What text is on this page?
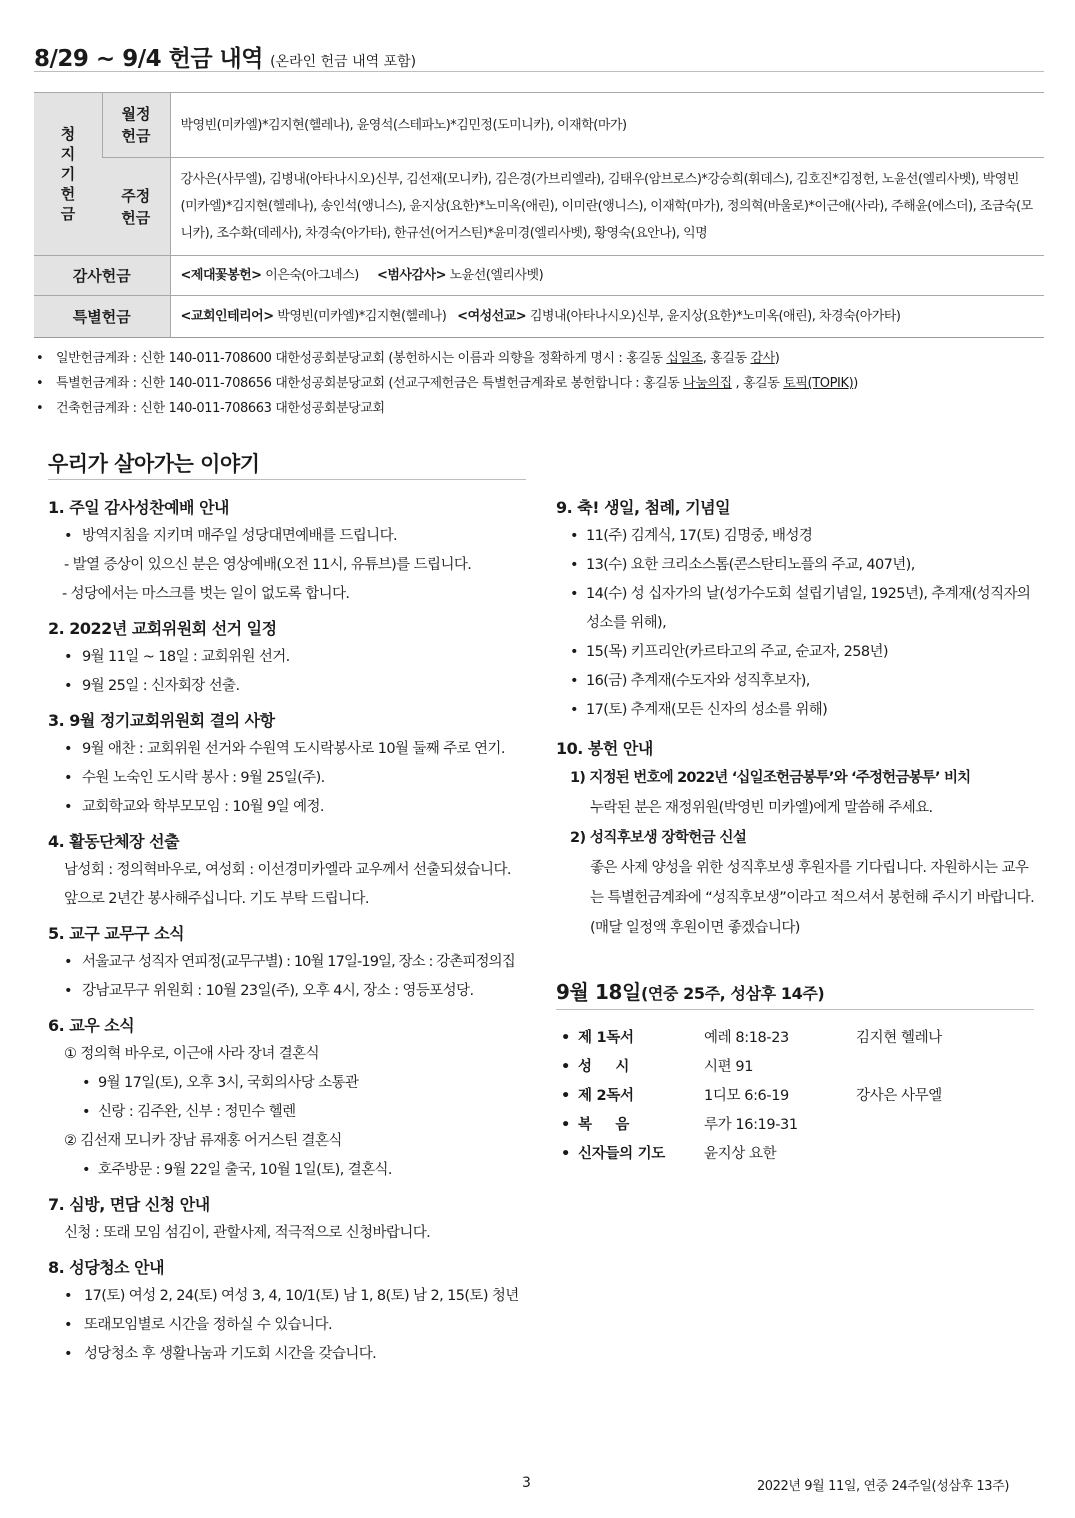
8/29 ~ 9/4 헌금 내역 (온라인 헌금 내역 포함)
청지기헌금	월정헌금	박영빈(미카엘)*김지현(헬레나), 윤영석(스테파노)*김민정(도미니카), 이재학(마가)

	주정헌금	강사은(사무엘), 김병내(아타나시오)신부, 김선재(모니카), 김은경(가브리엘라), 김태우(암브로스)*강승희(휘데스), 김호진*김정헌, 노윤선(엘리사벳), 박영빈(미카엘)*김지현(헬레나), 송인석(앵니스), 윤지상(요한)*노미옥(애린), 이미란(앵니스), 이재학(마가), 정의혁(바울로)*이근애(사라), 주해윤(에스더), 조금숙(모니카), 조수화(데레사), 차경숙(아가타), 한규선(어거스틴)*윤미경(엘리사벳), 황영숙(요안나), 익명
감사헌금		<제대꽃봉헌> 이은숙(아그네스) <범사감사> 노윤선(엘리사벳)
특별헌금		<교회인테리어> 박영빈(미카엘)*김지현(헬레나) <여성선교> 김병내(아타나시오)신부, 윤지상(요한)*노미옥(애린), 차경숙(아가타)
• 일반헌금계좌 : 신한 140-011-708600 대한성공회분당교회 (봉헌하시는 이름과 의향을 정확하게 명시 : 홍길동 십일조, 홍길동 감사)
• 특별헌금계좌 : 신한 140-011-708656 대한성공회분당교회 (선교구제헌금은 특별헌금계좌로 봉헌합니다 : 홍길동 나눔의집 , 홍길동 토픽(TOPIK))
• 건축헌금계좌 : 신한 140-011-708663 대한성공회분당교회
우리가 살아가는 이야기
1. 주일 감사성찬예배 안내
• 방역지침을 지키며 매주일 성당대면예배를 드립니다.
- 발열 증상이 있으신 분은 영상예배(오전 11시, 유튜브)를 드립니다.
- 성당에서는 마스크를 벗는 일이 없도록 합니다.
2. 2022년 교회위원회 선거 일정
• 9월 11일 ~ 18일 : 교회위원 선거.
• 9월 25일 : 신자회장 선출.
3. 9월 정기교회위원회 결의 사항
• 9월 애찬 : 교회위원 선거와 수원역 도시락봉사로 10월 둘째 주로 연기.
• 수원 노숙인 도시락 봉사 : 9월 25일(주).
• 교회학교와 학부모모임 : 10월 9일 예정.
4. 활동단체장 선출
남성회 : 정의혁바우로, 여성회 : 이선경미카엘라 교우께서 선출되셨습니다. 앞으로 2년간 봉사해주십니다. 기도 부탁 드립니다.
5. 교구 교무구 소식
• 서울교구 성직자 연피정(교무구별) : 10월 17일-19일, 장소 : 강촌피정의집
• 강남교무구 위원회 : 10월 23일(주), 오후 4시, 장소 : 영등포성당.
6. 교우 소식
① 정의혁 바우로, 이근애 사라 장녀 결혼식
• 9월 17일(토), 오후 3시, 국회의사당 소통관
• 신랑 : 김주완, 신부 : 정민수 헬렌
② 김선재 모니카 장남 류재홍 어거스틴 결혼식
• 호주방문 : 9월 22일 출국, 10월 1일(토), 결혼식.
7. 심방, 면담 신청 안내
신청 : 또래 모임 섬김이, 관할사제, 적극적으로 신청바랍니다.
8. 성당청소 안내
• 17(토) 여성 2, 24(토) 여성 3, 4, 10/1(토) 남 1, 8(토) 남 2, 15(토) 청년
• 또래모임별로 시간을 정하실 수 있습니다.
• 성당청소 후 생활나눔과 기도회 시간을 갖습니다.
9. 축! 생일, 첨례, 기념일
• 11(주) 김계식, 17(토) 김명중, 배성경
• 13(수) 요한 크리소스톰(콘스탄티노플의 주교, 407년),
• 14(수) 성 십자가의 날(성가수도회 설립기념일, 1925년), 추계재(성직자의 성소를 위해),
• 15(목) 키프리안(카르타고의 주교, 순교자, 258년)
• 16(금) 추계재(수도자와 성직후보자),
• 17(토) 추계재(모든 신자의 성소를 위해)
10. 봉헌 안내
1) 지정된 번호에 2022년 ‘십일조헌금봉투’와 ‘주정헌금봉투’ 비치
누락된 분은 재정위원(박영빈 미카엘)에게 말씀해 주세요.
2) 성직후보생 장학헌금 신설
좋은 사제 양성을 위한 성직후보생 후원자를 기다립니다. 자원하시는 교우는 특별헌금계좌에 “성직후보생”이라고 적으셔서 봉헌해 주시기 바랍니다. (매달 일정액 후원이면 좋겠습니다)
9월 18일(연중 25주, 성삼후 14주)
• 제 1독서	예레 8:18-23	김지현 헬레나
• 성 　 시	시편 91
• 제 2독서	1디모 6:6-19	강사은 사무엘
• 복 　 음	루가 16:19-31
• 신자들의 기도	윤지상 요한
3	2022년 9월 11일, 연중 24주일(성삼후 13주)
